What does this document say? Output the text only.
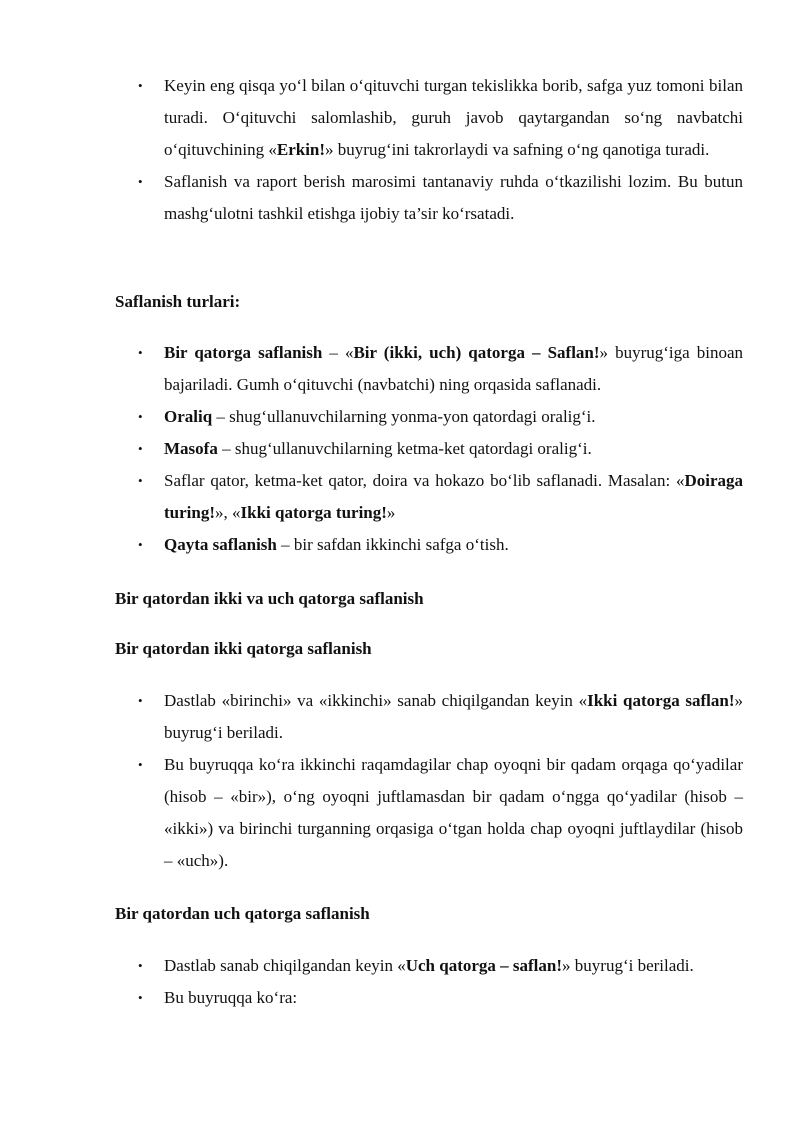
•	Keyin eng qisqa yo‘l bilan o‘qituvchi turgan tekislikka borib, safga yuz tomoni bilan turadi. O‘qituvchi salomlashib, guruh javob qaytargandan so‘ng navbatchi o‘qituvchining «Erkin!» buyrug‘ini takrorlaydi va safning o‘ng qanotiga turadi.
•	Saflanish va raport berish marosimi tantanaviy ruhda o‘tkazilishi lozim. Bu butun mashg‘ulotni tashkil etishga ijobiy ta’sir ko‘rsatadi.
Saflanish turlari:
•	Bir qatorga saflanish – «Bir (ikki, uch) qatorga – Saflan!» buyrug‘iga binoan bajariladi. Gumh o‘qituvchi (navbatchi) ning orqasida saflanadi.
•	Oraliq – shug‘ullanuvchilarning yonma-yon qatordagi oralig‘i.
•	Masofa – shug‘ullanuvchilarning ketma-ket qatordagi oralig‘i.
•	Saflar qator, ketma-ket qator, doira va hokazo bo‘lib saflanadi. Masalan: «Doiraga turing!», «Ikki qatorga turing!»
•	Qayta saflanish – bir safdan ikkinchi safga o‘tish.
Bir qatordan ikki va uch qatorga saflanish
Bir qatordan ikki qatorga saflanish
•	Dastlab «birinchi» va «ikkinchi» sanab chiqilgandan keyin «Ikki qatorga saflan!» buyrug‘i beriladi.
•	Bu buyruqqa ko‘ra ikkinchi raqamdagilar chap oyoqni bir qadam orqaga qo‘yadilar (hisob – «bir»), o‘ng oyoqni juftlamasdan bir qadam o‘ngga qo‘yadilar (hisob – «ikki») va birinchi turganning orqasiga o‘tgan holda chap oyoqni juftlaydilar (hisob – «uch»).
Bir qatordan uch qatorga saflanish
•	Dastlab sanab chiqilgandan keyin «Uch qatorga – saflan!» buyrug‘i beriladi.
•	Bu buyruqqa ko‘ra:
